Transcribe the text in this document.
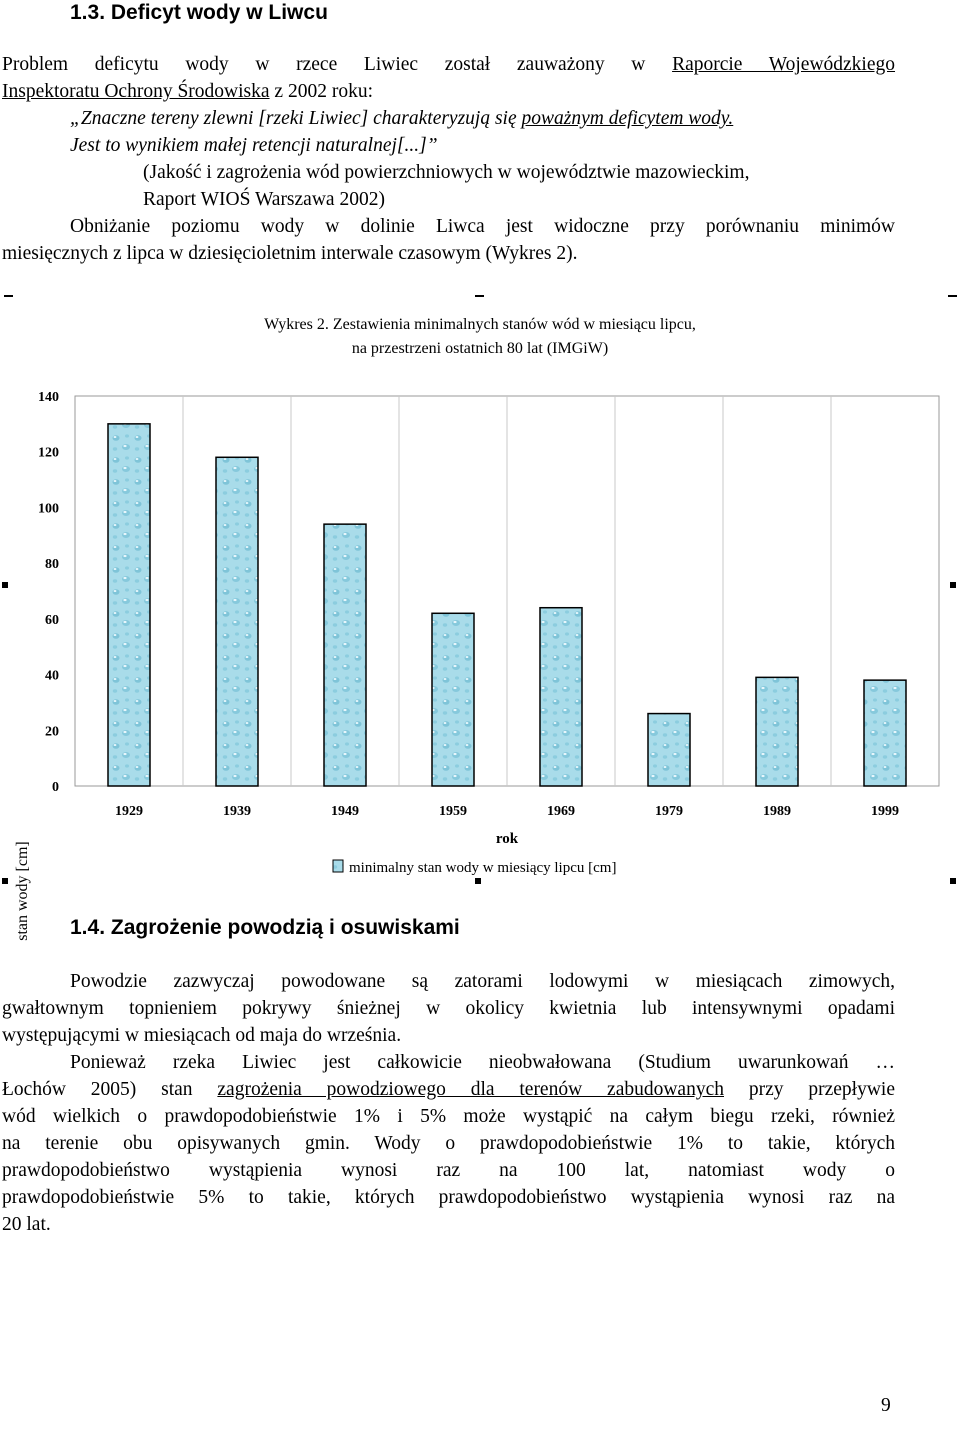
1.3. Deficyt wody w Liwcu
Problem deficytu wody w rzece Liwiec został zauważony w Raporcie Wojewódzkiego
Inspektoratu Ochrony Środowiska z 2002 roku:
„Znaczne tereny zlewni [rzeki Liwiec] charakteryzują się poważnym deficytem wody.
Jest to wynikiem małej retencji naturalnej[...]”
(Jakość i zagrożenia wód powierzchniowych w województwie mazowieckim,
Raport WIOŚ Warszawa 2002)
Obniżanie poziomu wody w dolinie Liwca jest widoczne przy porównaniu minimów
miesięcznych z lipca w dziesięcioletnim interwale czasowym (Wykres 2).
Wykres 2. Zestawienia minimalnych stanów wód w miesiącu lipcu,
na przestrzeni ostatnich 80 lat (IMGiW)
0
20
40
60
80
100
120
140
1929	1939	1949	1959	1969	1979	1989	1999
stan wody [cm]
rok
minimalny stan wody w miesiący lipcu [cm]
1.4. Zagrożenie powodzią i osuwiskami
Powodzie zazwyczaj powodowane są zatorami lodowymi w miesiącach zimowych,
gwałtownym topnieniem pokrywy śnieżnej w okolicy kwietnia lub intensywnymi opadami
występującymi w miesiącach od maja do września.
Ponieważ rzeka Liwiec jest całkowicie nieobwałowana (Studium uwarunkowań …
Łochów 2005) stan zagrożenia powodziowego dla terenów zabudowanych przy przepływie
wód wielkich o prawdopodobieństwie 1% i 5% może wystąpić na całym biegu rzeki, również
na terenie obu opisywanych gmin. Wody o prawdopodobieństwie 1% to takie, których
prawdopodobieństwo wystąpienia wynosi raz na 100 lat, natomiast wody o
prawdopodobieństwie 5% to takie, których prawdopodobieństwo wystąpienia wynosi raz na
20 lat.
9
